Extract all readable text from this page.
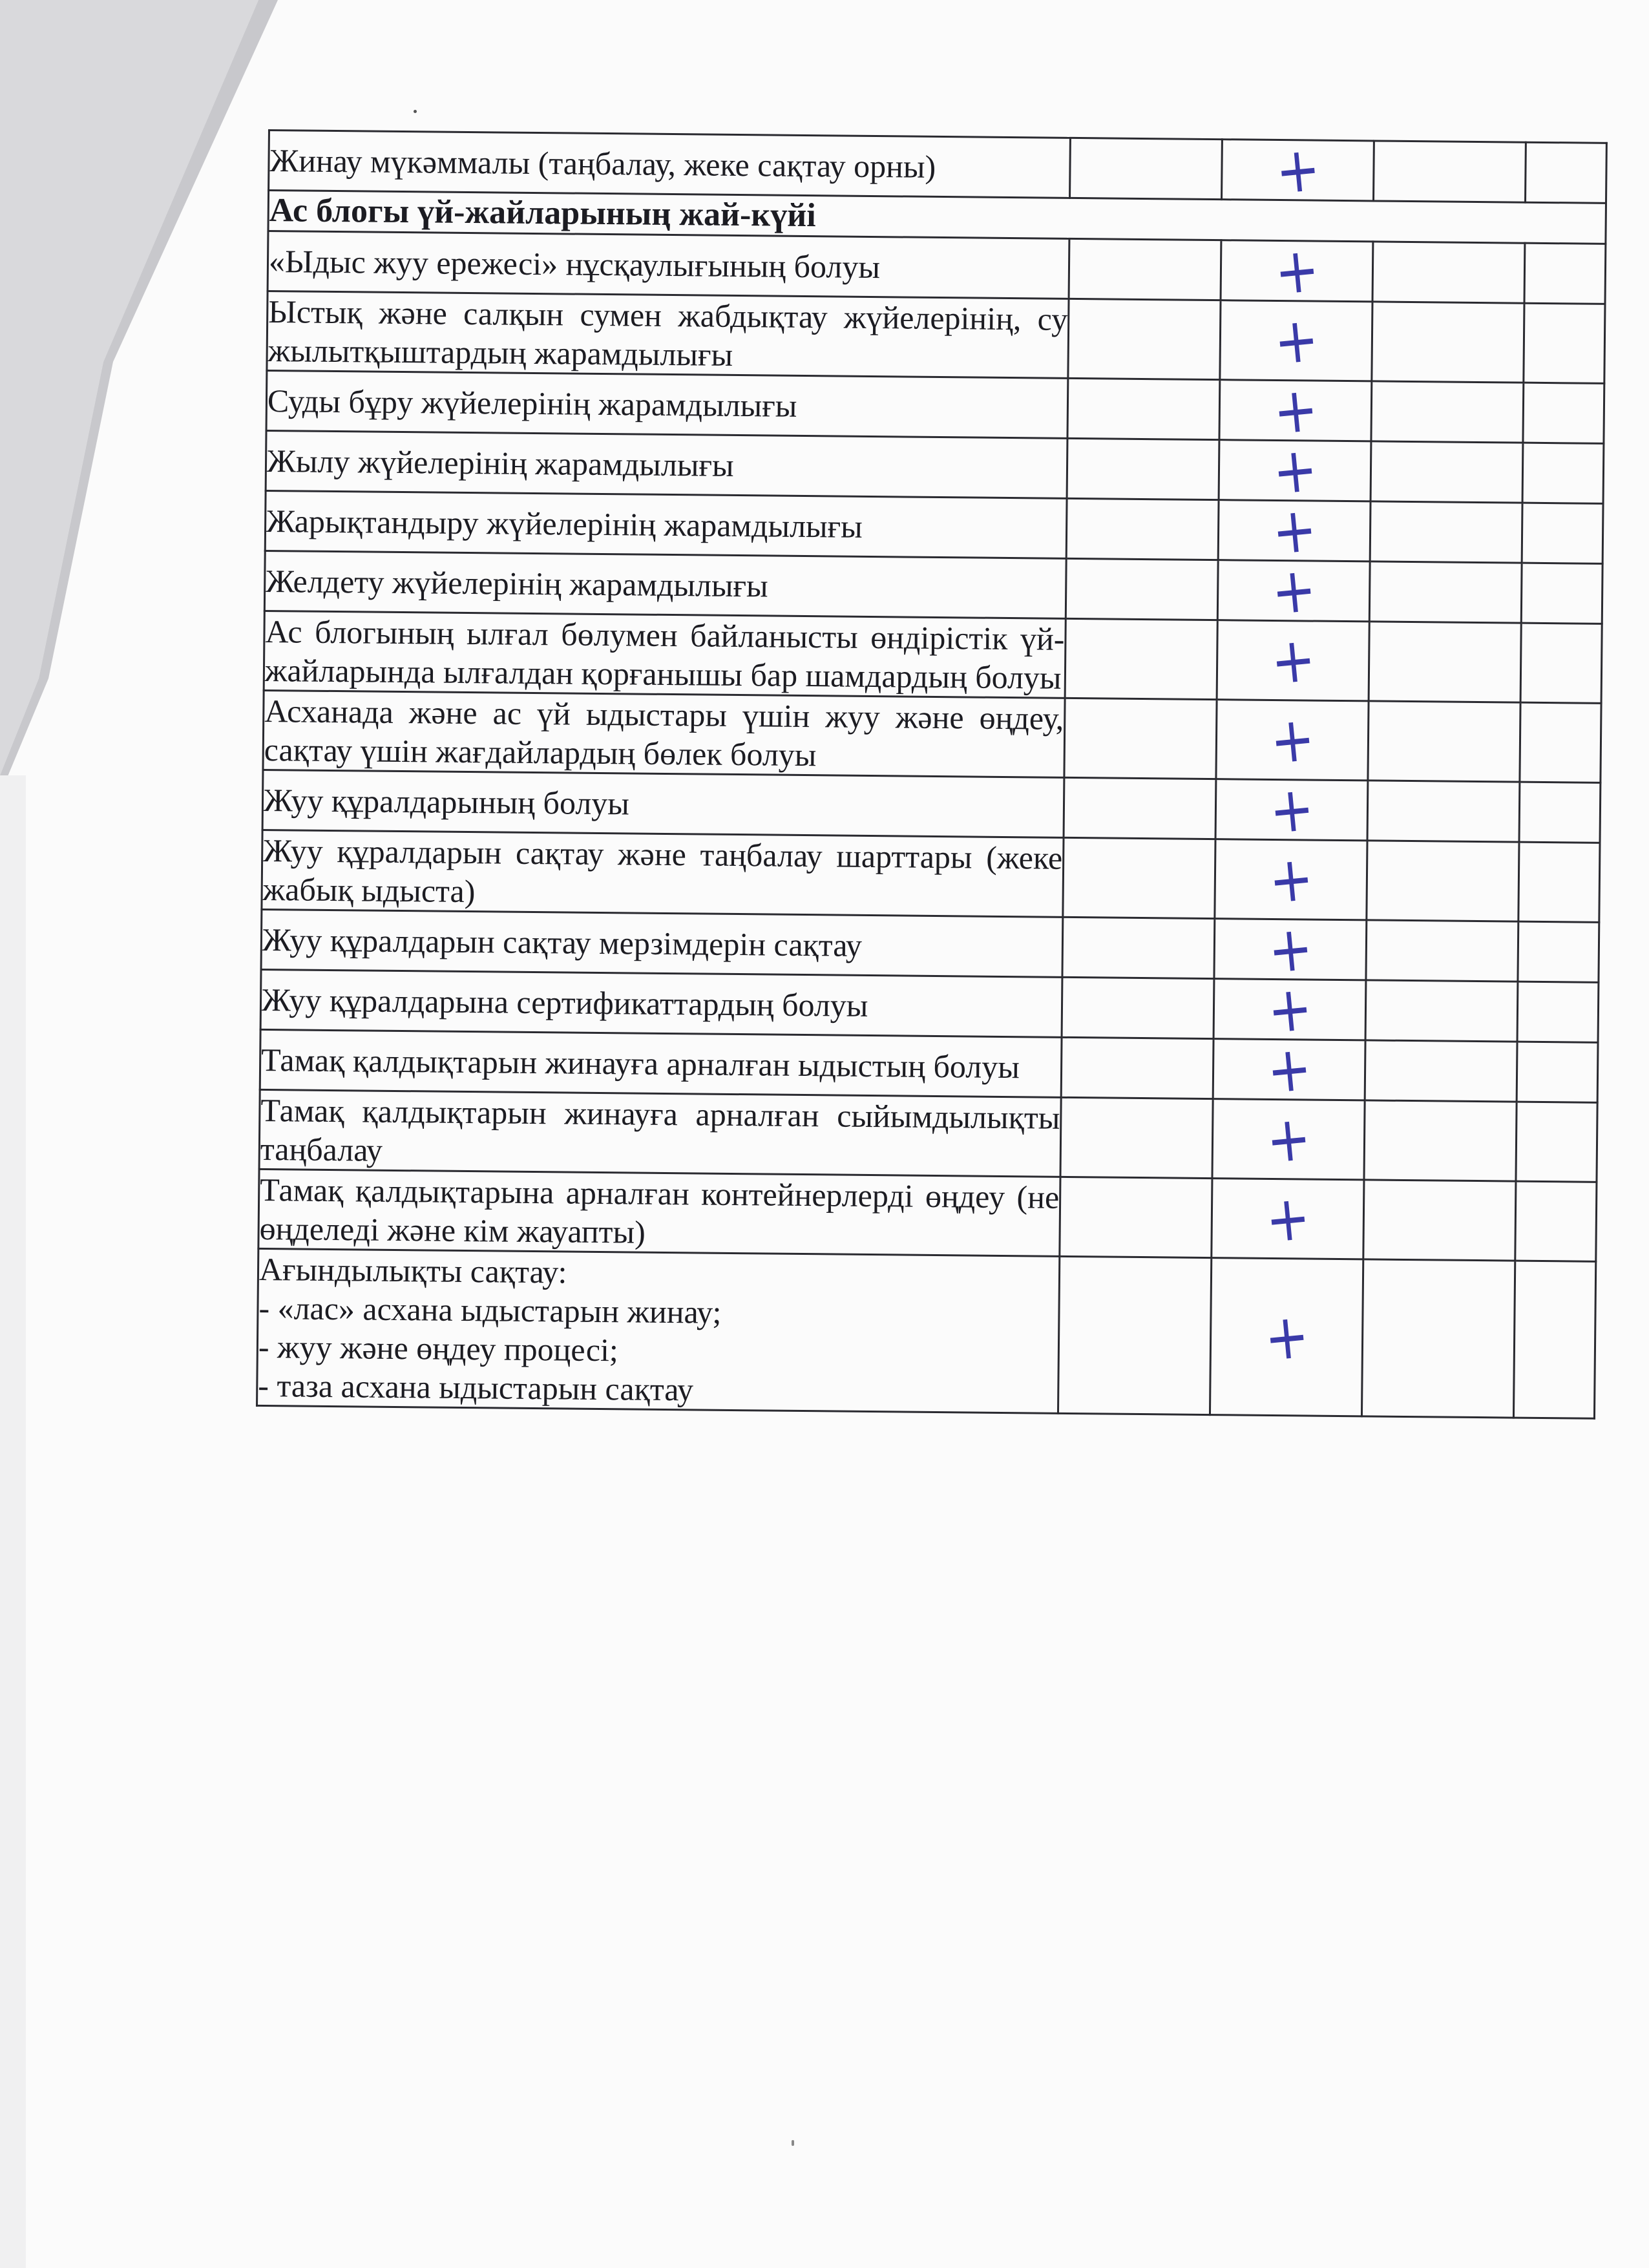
Жинау мүкәммалы (таңбалау, жеке сақтау орны)		+		
Ас блогы үй-жайларының жай-күйі				
«Ыдыс жуу ережесі» нұсқаулығының болуы		+		
Ыстық және салқын сумен жабдықтау жүйелерінің, су жылытқыштардың жарамдылығы		+		
Суды бұру жүйелерінің жарамдылығы		+		
Жылу жүйелерінің жарамдылығы		+		
Жарықтандыру жүйелерінің жарамдылығы		+		
Желдету жүйелерінің жарамдылығы		+		
Ас блогының ылғал бөлумен байланысты өндірістік үй-жайларында ылғалдан қорғанышы бар шамдардың болуы		+		
Асханада және ас үй ыдыстары үшін жуу және өңдеу, сақтау үшін жағдайлардың бөлек болуы		+		
Жуу құралдарының болуы		+		
Жуу құралдарын сақтау және таңбалау шарттары (жеке жабық ыдыста)		+		
Жуу құралдарын сақтау мерзімдерін сақтау		+		
Жуу құралдарына сертификаттардың болуы		+		
Тамақ қалдықтарын жинауға арналған ыдыстың болуы		+		
Тамақ қалдықтарын жинауға арналған сыйымдылықты таңбалау		+		
Тамақ қалдықтарына арналған контейнерлерді өңдеу (не өңделеді және кім жауапты)		+		
Ағындылықты сақтау:
- «лас» асхана ыдыстарын жинау;
- жуу және өңдеу процесі;
- таза асхана ыдыстарын сақтау		+		
